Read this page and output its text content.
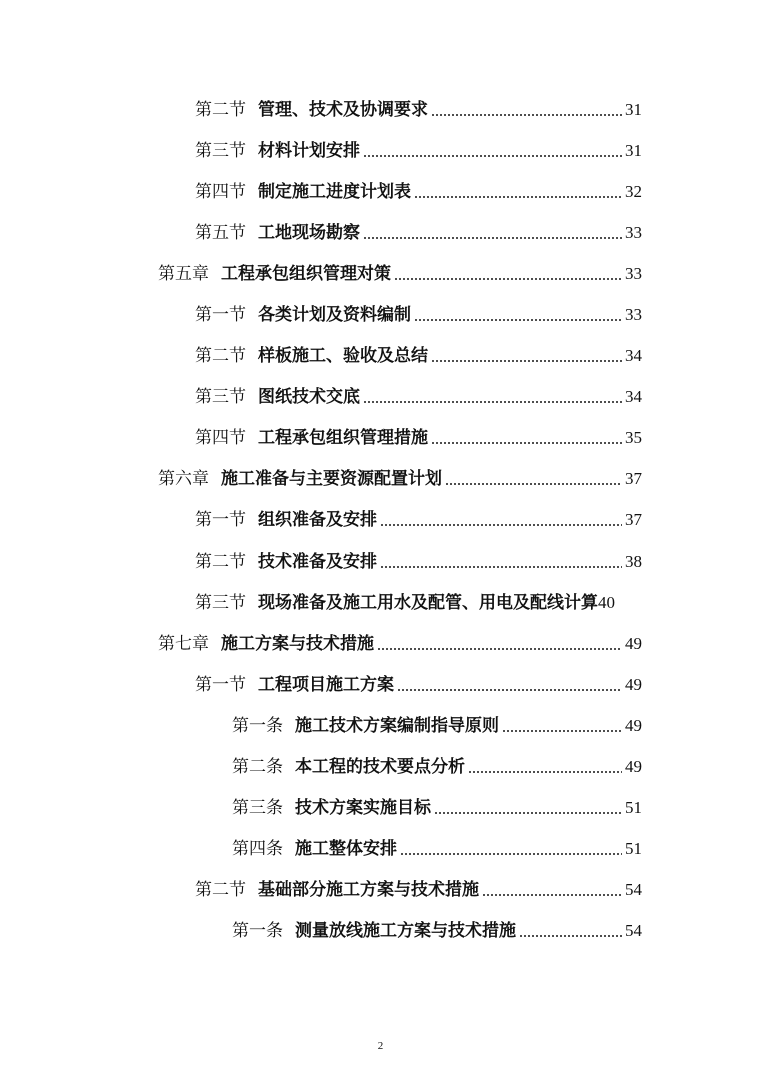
第二节 管理、技术及协调要求	31
第三节 材料计划安排	31
第四节 制定施工进度计划表	32
第五节 工地现场勘察	33
第五章 工程承包组织管理对策	33
第一节 各类计划及资料编制	33
第二节 样板施工、验收及总结	34
第三节 图纸技术交底	34
第四节 工程承包组织管理措施	35
第六章 施工准备与主要资源配置计划	37
第一节 组织准备及安排	37
第二节 技术准备及安排	38
第三节 现场准备及施工用水及配管、用电及配线计算 40
第七章 施工方案与技术措施	49
第一节 工程项目施工方案	49
第一条 施工技术方案编制指导原则	49
第二条 本工程的技术要点分析	49
第三条 技术方案实施目标	51
第四条 施工整体安排	51
第二节 基础部分施工方案与技术措施	54
第一条 测量放线施工方案与技术措施	54
2
